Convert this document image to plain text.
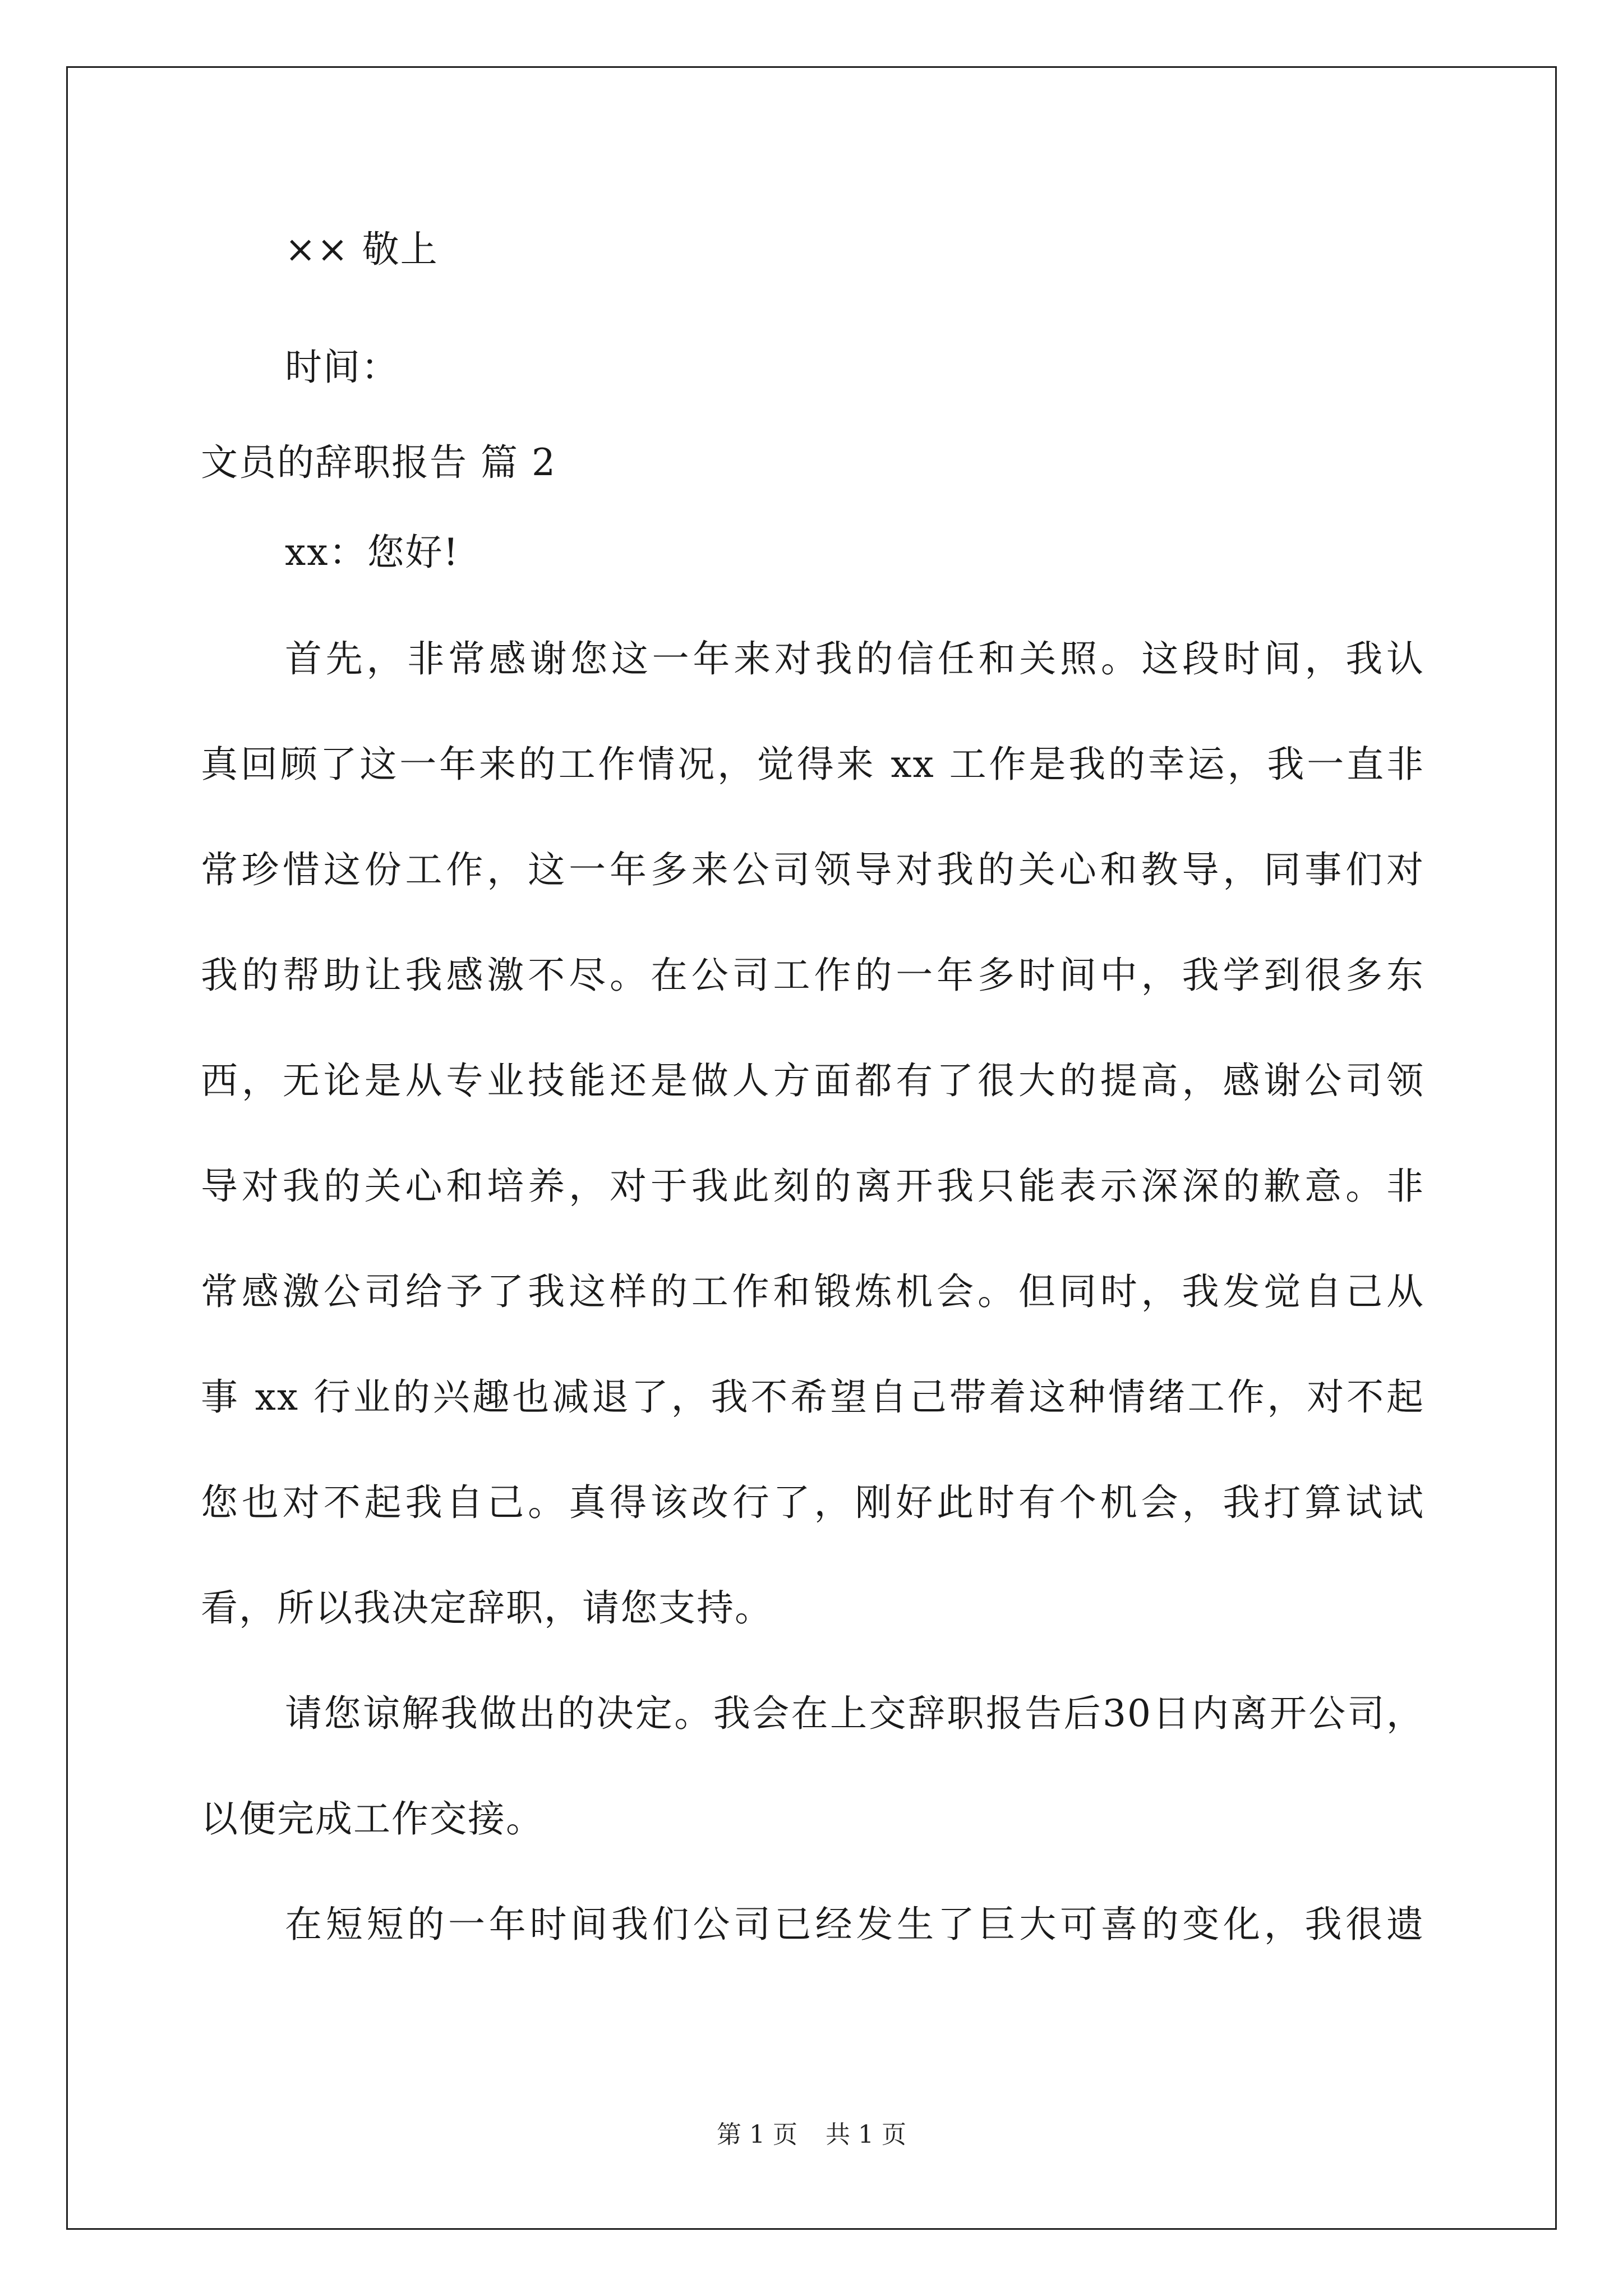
×× 敬上
时间：
文员的辞职报告 篇 2
xx：您好!
首先，非常感谢您这一年来对我的信任和关照。这段时间，我认
真回顾了这一年来的工作情况，觉得来 xx 工作是我的幸运，我一直非
常珍惜这份工作，这一年多来公司领导对我的关心和教导，同事们对
我的帮助让我感激不尽。在公司工作的一年多时间中，我学到很多东
西，无论是从专业技能还是做人方面都有了很大的提高，感谢公司领
导对我的关心和培养，对于我此刻的离开我只能表示深深的歉意。非
常感激公司给予了我这样的工作和锻炼机会。但同时，我发觉自己从
事 xx 行业的兴趣也减退了，我不希望自己带着这种情绪工作，对不起
您也对不起我自己。真得该改行了，刚好此时有个机会，我打算试试
看，所以我决定辞职，请您支持。
请您谅解我做出的决定。我会在上交辞职报告后30日内离开公司，
以便完成工作交接。
在短短的一年时间我们公司已经发生了巨大可喜的变化，我很遗
第 1 页 共 1 页
